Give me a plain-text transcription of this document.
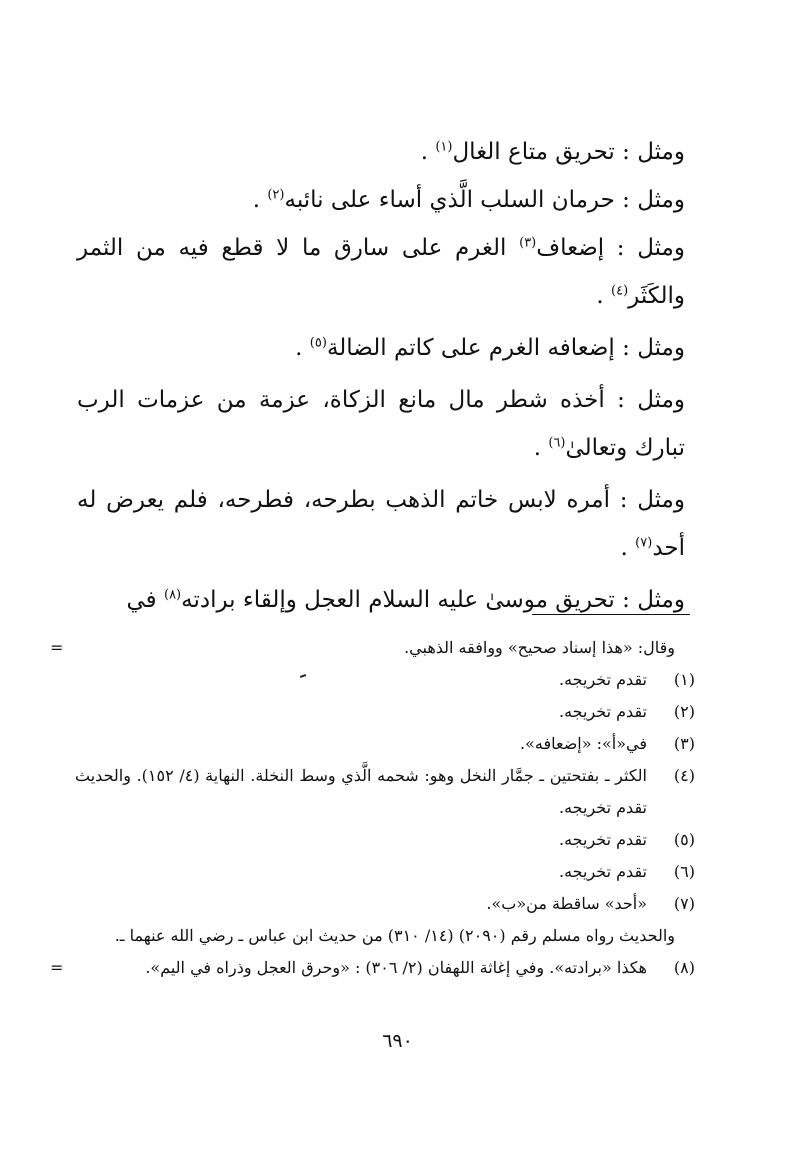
ومثل : تحريق متاع الغال$^{(١)}$ .

ومثل : حرمان السلب الَّذي أساء على نائبه$^{(٢)}$ .

ومثل : إضعاف$^{(٣)}$ الغرم على سارق ما لا قطع فيه من الثمر والكَثَر$^{(٤)}$ .

ومثل : إضعافه الغرم على كاتم الضالة$^{(٥)}$ .

ومثل : أخذه شطر مال مانع الزكاة، عزمة من عزمات الرب تبارك وتعالىٰ$^{(٦)}$ .

ومثل : أمره لابس خاتم الذهب بطرحه، فطرحه، فلم يعرض له أحد$^{(٧)}$ .

ومثل : تحريق موسىٰ عليه السلام العجل وإلقاء برادته$^{(٨)}$ في

=	وقال: «هذا إسناد صحيح» ووافقه الذهبي.

(١)
تقدم تخريجه.

(٢)
تقدم تخريجه.

(٣)
في«أ»: «إضعافه».

(٤)
الكثر ـ بفتحتين ـ جمَّار النخل وهو: شحمه الَّذي وسط النخلة. النهاية (٤/ ١٥٢). والحديث تقدم تخريجه.

(٥)
تقدم تخريجه.

(٦)
تقدم تخريجه.

(٧)
«أحد» ساقطة من«ب».

والحديث رواه مسلم رقم (٢٠٩٠) (١٤/ ٣١٠) من حديث ابن عباس ـ رضي الله عنهما ـ.

(٨)
هكذا «برادته». وفي إغاثة اللهفان (٢/ ٣٠٦) : «وحرق العجل وذراه في اليم».
=

٦٩٠
